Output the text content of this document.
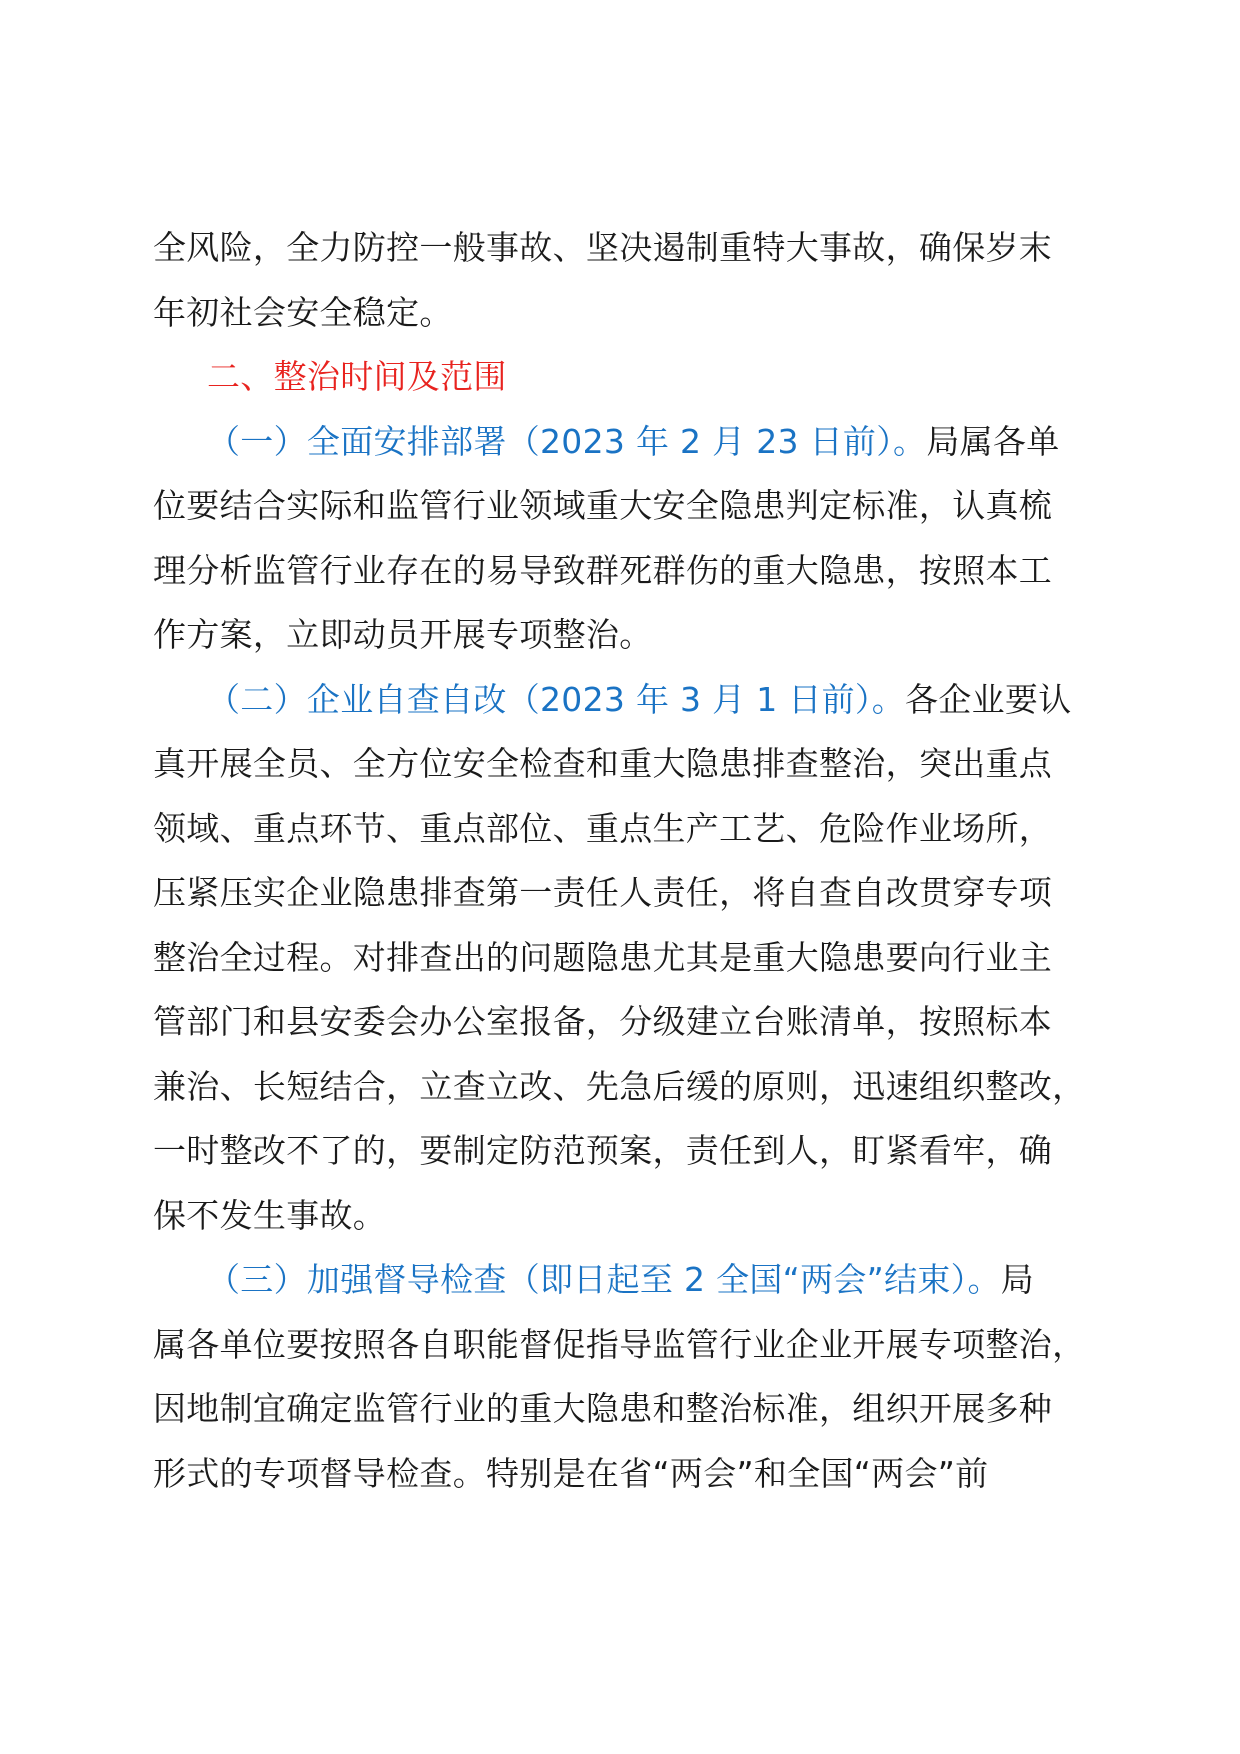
全风险，全力防控一般事故、坚决遏制重特大事故，确保岁末
年初社会安全稳定。
二、整治时间及范围
（一）全面安排部署（2023 年 2 月 23 日前）。局属各单
位要结合实际和监管行业领域重大安全隐患判定标准，认真梳
理分析监管行业存在的易导致群死群伤的重大隐患，按照本工
作方案，立即动员开展专项整治。
（二）企业自查自改（2023 年 3 月 1 日前）。各企业要认
真开展全员、全方位安全检查和重大隐患排查整治，突出重点
领域、重点环节、重点部位、重点生产工艺、危险作业场所，
压紧压实企业隐患排查第一责任人责任，将自查自改贯穿专项
整治全过程。对排查出的问题隐患尤其是重大隐患要向行业主
管部门和县安委会办公室报备，分级建立台账清单，按照标本
兼治、长短结合，立查立改、先急后缓的原则，迅速组织整改，
一时整改不了的，要制定防范预案，责任到人，盯紧看牢，确
保不发生事故。
（三）加强督导检查（即日起至 2 全国“两会”结束）。局
属各单位要按照各自职能督促指导监管行业企业开展专项整治，
因地制宜确定监管行业的重大隐患和整治标准，组织开展多种
形式的专项督导检查。特别是在省“两会”和全国“两会”前
